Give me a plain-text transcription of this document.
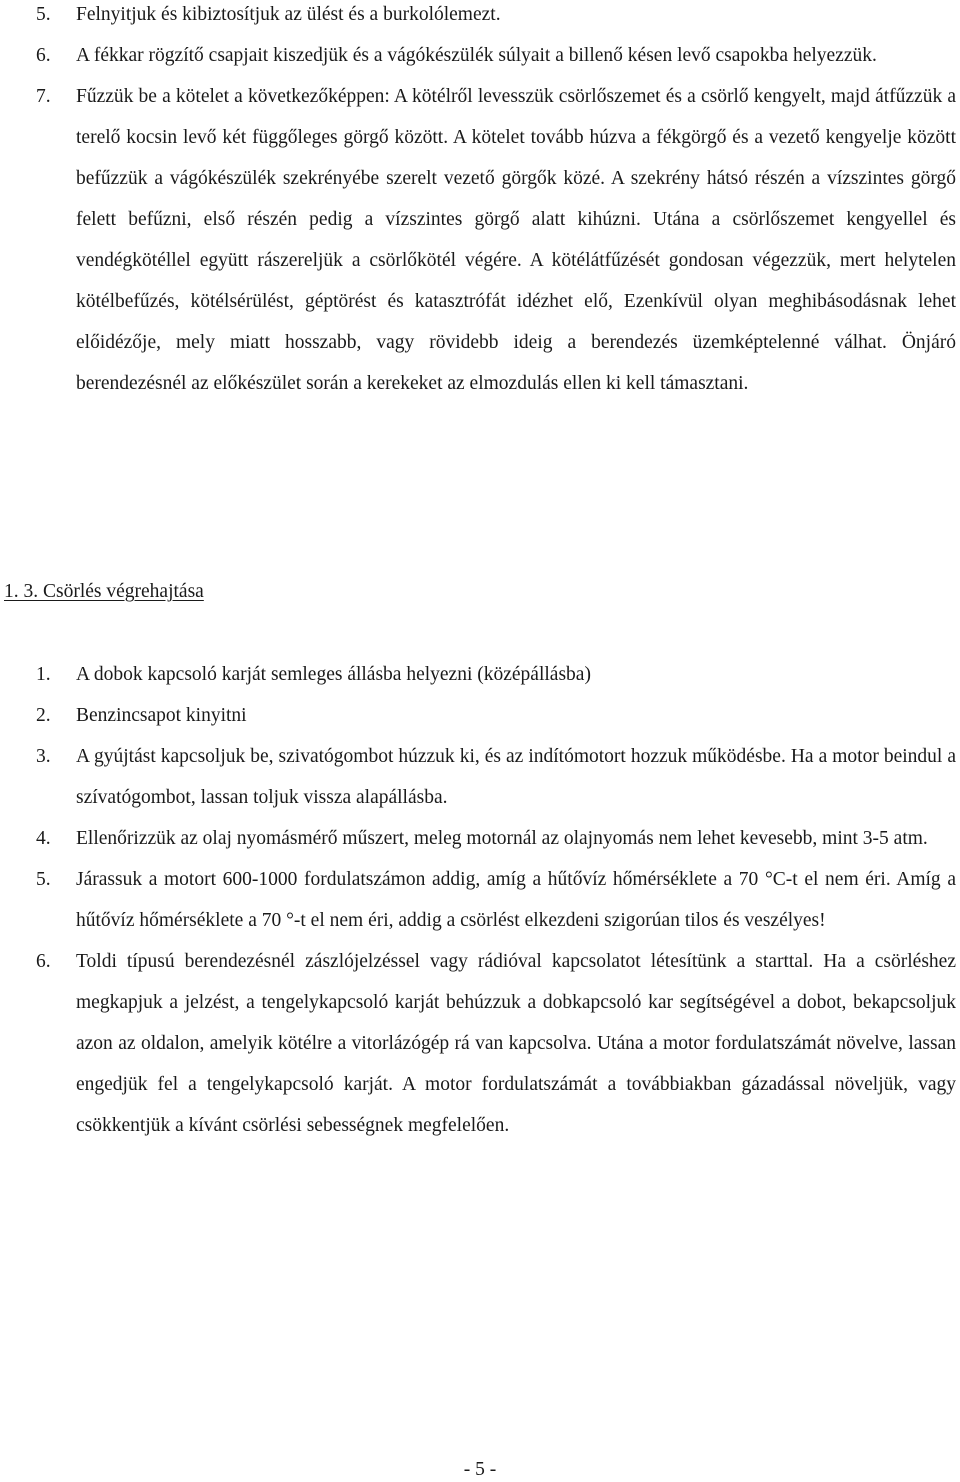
5. Felnyitjuk és kibiztosítjuk az ülést és a burkolólemezt.
6. A fékkar rögzítő csapjait kiszedjük és a vágókészülék súlyait a billenő késen levő csapokba helyezzük.
7. Fűzzük be a kötelet a következőképpen: A kötélről levesszük csörlőszemet és a csörlő kengyelt, majd átfűzzük a terelő kocsin levő két függőleges görgő között. A kötelet tovább húzva a fékgörgő és a vezető kengyelje között befűzzük a vágókészülék szekrényébe szerelt vezető görgők közé. A szekrény hátsó részén a vízszintes görgő felett befűzni, első részén pedig a vízszintes görgő alatt kihúzni. Utána a csörlőszemet kengyellel és vendégkötéllel együtt rászereljük a csörlőkötél végére. A kötélátfűzését gondosan végezzük, mert helytelen kötélbefűzés, kötélsérülést, géptörést és katasztrófát idézhet elő, Ezenkívül olyan meghibásodásnak lehet előidézője, mely miatt hosszabb, vagy rövidebb ideig a berendezés üzemképtelenné válhat. Önjáró berendezésnél az előkészület során a kerekeket az elmozdulás ellen ki kell támasztani.
1. 3. Csörlés végrehajtása
1. A dobok kapcsoló karját semleges állásba helyezni (középállásba)
2. Benzincsapot kinyitni
3. A gyújtást kapcsoljuk be, szivatógombot húzzuk ki, és az indítómotort hozzuk működésbe. Ha a motor beindul a szívatógombot, lassan toljuk vissza alapállásba.
4. Ellenőrizzük az olaj nyomásmérő műszert, meleg motornál az olajnyomás nem lehet kevesebb, mint 3-5 atm.
5. Járassuk a motort 600-1000 fordulatszámon addig, amíg a hűtővíz hőmérséklete a 70 °C-t el nem éri. Amíg a hűtővíz hőmérséklete a 70 °-t el nem éri, addig a csörlést elkezdeni szigorúan tilos és veszélyes!
6. Toldi típusú berendezésnél zászlójelzéssel vagy rádióval kapcsolatot létesítünk a starttal. Ha a csörléshez megkapjuk a jelzést, a tengelykapcsoló karját behúzzuk a dobkapcsoló kar segítségével a dobot, bekapcsoljuk azon az oldalon, amelyik kötélre a vitorlázógép rá van kapcsolva. Utána a motor fordulatszámát növelve, lassan engedjük fel a tengelykapcsoló karját. A motor fordulatszámát a továbbiakban gázadással növeljük, vagy csökkentjük a kívánt csörlési sebességnek megfelelően.
- 5 -
